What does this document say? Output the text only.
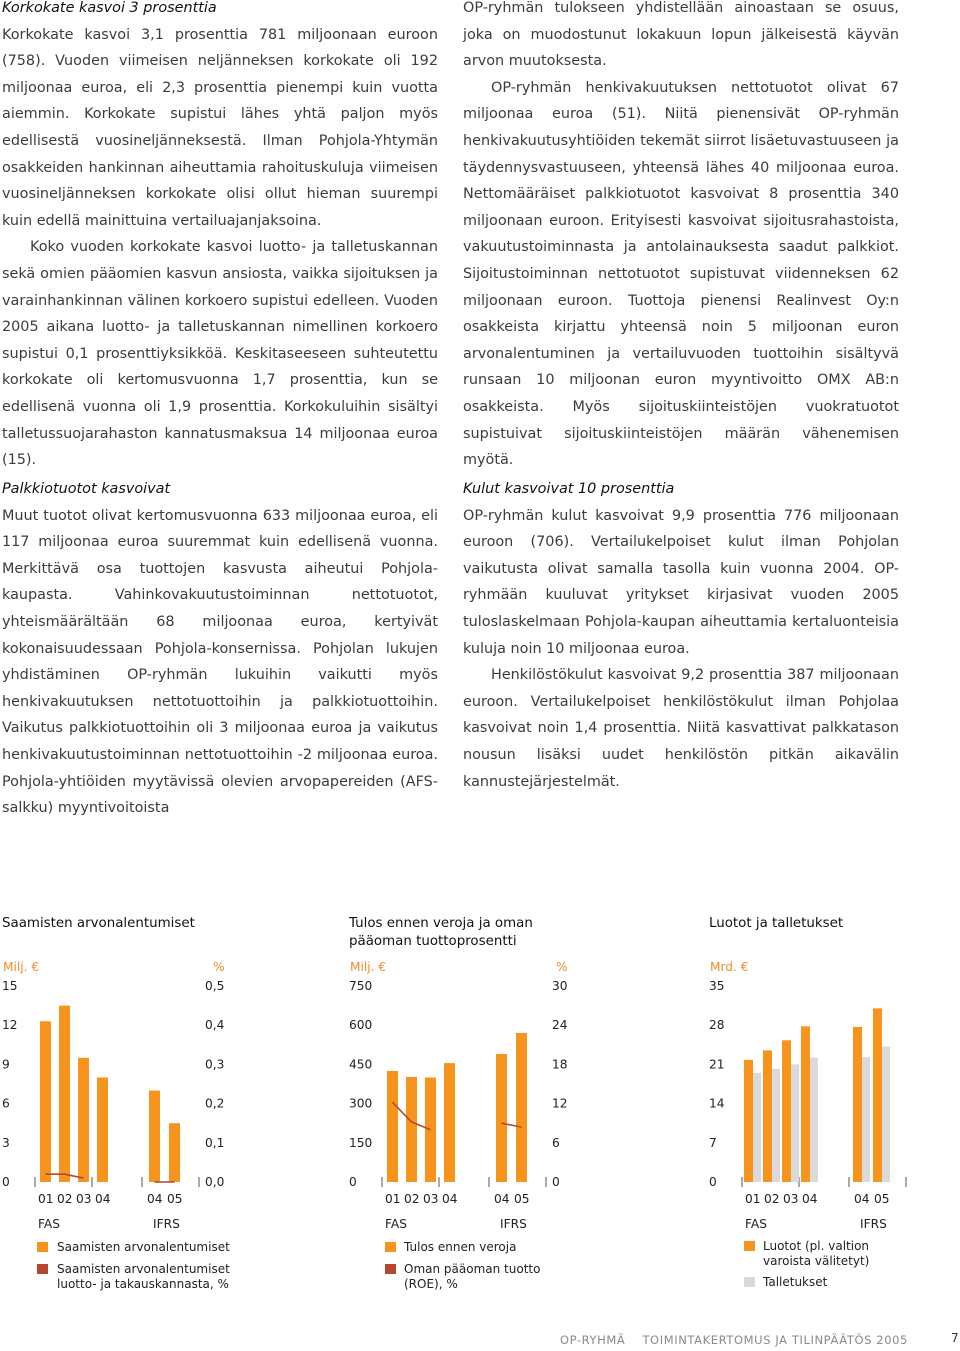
Korkokate kasvoi 3 prosenttia

Korkokate kasvoi 3,1 prosenttia 781 miljoonaan euroon (758). Vuoden viimeisen neljänneksen korkokate oli 192 miljoonaa euroa, eli 2,3 prosenttia pienempi kuin vuotta aiemmin. Korkokate supistui lähes yhtä paljon myös edellisestä vuosineljänneksestä. Ilman Pohjola-Yhtymän osakkeiden hankinnan aiheuttamia rahoituskuluja viimeisen vuosineljänneksen korkokate olisi ollut hieman suurempi kuin edellä mainittuina vertailuajanjaksoina.

Koko vuoden korkokate kasvoi luotto- ja talletuskannan sekä omien pääomien kasvun ansiosta, vaikka sijoituksen ja varainhankinnan välinen korkoero supistui edelleen. Vuoden 2005 aikana luotto- ja talletuskannan nimellinen korkoero supistui 0,1 prosenttiyksikköä. Keskitaseeseen suhteutettu korkokate oli kertomusvuonna 1,7 prosenttia, kun se edellisenä vuonna oli 1,9 prosenttia. Korkokuluihin sisältyi talletussuojarahaston kannatusmaksua 14 miljoonaa euroa (15).

OP-ryhmän tulokseen yhdistellään ainoastaan se osuus, joka on muodostunut lokakuun lopun jälkeisestä käyvän arvon muutoksesta.

OP-ryhmän henkivakuutuksen nettotuotot olivat 67 miljoonaa euroa (51). Niitä pienensivät OP-ryhmän henkivakuutusyhtiöiden tekemät siirrot lisäetuvastuuseen ja täydennysvastuuseen, yhteensä lähes 40 miljoonaa euroa. Nettomääräiset palkkiotuotot kasvoivat 8 prosenttia 340 miljoonaan euroon. Erityisesti kasvoivat sijoitusrahastoista, vakuutustoiminnasta ja antolainauksesta saadut palkkiot. Sijoitustoiminnan nettotuotot supistuvat viidenneksen 62 miljoonaan euroon. Tuottoja pienensi Realinvest Oy:n osakkeista kirjattu yhteensä noin 5 miljoonan euron arvonalentuminen ja vertailuvuoden tuottoihin sisältyvä runsaan 10 miljoonan euron myyntivoitto OMX AB:n osakkeista. Myös sijoituskiinteistöjen vuokratuotot supistuivat sijoituskiinteistöjen määrän vähenemisen myötä.

Palkkiotuotot kasvoivat

Muut tuotot olivat kertomusvuonna 633 miljoonaa euroa, eli 117 miljoonaa euroa suuremmat kuin edellisenä vuonna. Merkittävä osa tuottojen kasvusta aiheutui Pohjola-kaupasta. Vahinkovakuutustoiminnan nettotuotot, yhteismäärältään 68 miljoonaa euroa, kertyivät kokonaisuudessaan Pohjola-konsernissa. Pohjolan lukujen yhdistäminen OP-ryhmän lukuihin vaikutti myös henkivakuutuksen nettotuottoihin ja palkkiotuottoihin. Vaikutus palkkiotuottoihin oli 3 miljoonaa euroa ja vaikutus henkivakuutustoiminnan nettotuottoihin -2 miljoonaa euroa. Pohjola-yhtiöiden myytävissä olevien arvopapereiden (AFS-salkku) myyntivoitoista

Kulut kasvoivat 10 prosenttia

OP-ryhmän kulut kasvoivat 9,9 prosenttia 776 miljoonaan euroon (706). Vertailukelpoiset kulut ilman Pohjolan vaikutusta olivat samalla tasolla kuin vuonna 2004. OP-ryhmään kuuluvat yritykset kirjasivat vuoden 2005 tuloslaskelmaan Pohjola-kaupan aiheuttamia kertaluonteisia kuluja noin 10 miljoonaa euroa.

Henkilöstökulut kasvoivat 9,2 prosenttia 387 miljoonaan euroon. Vertailukelpoiset henkilöstökulut ilman Pohjolaa kasvoivat noin 1,4 prosenttia. Niitä kasvattivat palkkatason nousun lisäksi uudet henkilöstön pitkän aikavälin kannustejärjestelmät.

Saamisten arvonalentumiset
Milj. €	%
15
12
9
6
3
0
0,5
0,4
0,3
0,2
0,1
0,0
01 02 03 04	04 05
FAS	IFRS
Saamisten arvonalentumiset
Saamisten arvonalentumiset luotto- ja takauskannasta, %
Tulos ennen veroja ja oman pääoman tuottoprosentti
Milj. €	%
750
600
450
300
150
0
30
24
18
12
6
0
01 02 03 04	04 05
FAS	IFRS
Tulos ennen veroja
Oman pääoman tuotto (ROE), %
Luotot ja talletukset
Mrd. €
35
28
21
14
7
0
01 02 03 04	04 05
FAS	IFRS
Luotot (pl. valtion varoista välitetyt)
Talletukset
OP-RYHMÄ TOIMINTAKERTOMUS JA TILINPÄÄTÖS 2005	7
